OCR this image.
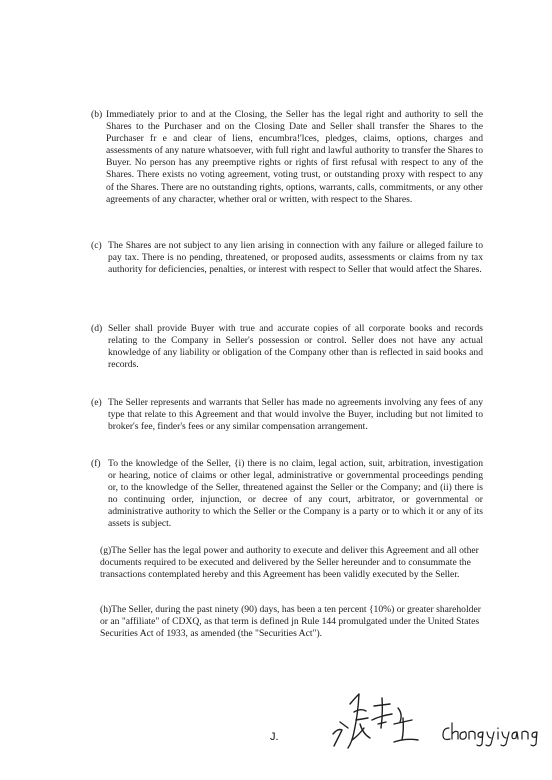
(b) Immediately prior to and at the Closing, the Seller has the legal right and authority to sell the Shares to the Purchaser and on the Closing Date and Seller shall transfer the Shares to the Purchaser fr e and clear of liens, encumbra!'lces, pledges, claims, options, charges and assessments of any nature whatsoever, with full right and lawful authority to transfer the Shares to Buyer. No person has any preemptive rights or rights of first refusal with respect to any of the Shares. There exists no voting agreement, voting trust, or outstanding proxy with respect to any of the Shares. There are no outstanding rights, options, warrants, calls, commitments, or any other agreements of any character, whether oral or written, with respect to the Shares.
(c) The Shares are not subject to any lien arising in connection with any failure or alleged failure to pay tax. There is no pending, threatened, or proposed audits, assessments or claims from ny tax authority for deficiencies, penalties, or interest with respect to Seller that would atfect the Shares.
(d) Seller shall provide Buyer with true and accurate copies of all corporate books and records relating to the Company in Seller's possession or control. Seller does not have any actual knowledge of any liability or obligation of the Company other than is reflected in said books and records.
(e) The Seller represents and warrants that Seller has made no agreements involving any fees of any type that relate to this Agreement and that would involve the Buyer, including but not limited to broker's fee, finder's fees or any similar compensation arrangement.
(f) To the knowledge of the Seller, {i) there is no claim, legal action, suit, arbitration, investigation or hearing, notice of claims or other legal, administrative or governmental proceedings pending or, to the knowledge of the Seller, threatened against the Seller or the Company; and (ii) there is no continuing order, injunction, or decree of any court, arbitrator, or governmental or administrative authority to which the Seller or the Company is a party or to which it or any of its assets is subject.

(g)The Seller has the legal power and authority to execute and deliver this Agreement and all other documents required to be executed and delivered by the Seller hereunder and to consummate the transactions contemplated hereby and this Agreement has been validly executed by the Seller.

(h)The Seller, during the past ninety (90) days, has been a ten percent {10%) or greater shareholder or an "affiliate" of CDXQ, as that term is defined jn Rule 144 promulgated under the United States Securities Act of 1933, as amended (the "Securities Act").

J.
